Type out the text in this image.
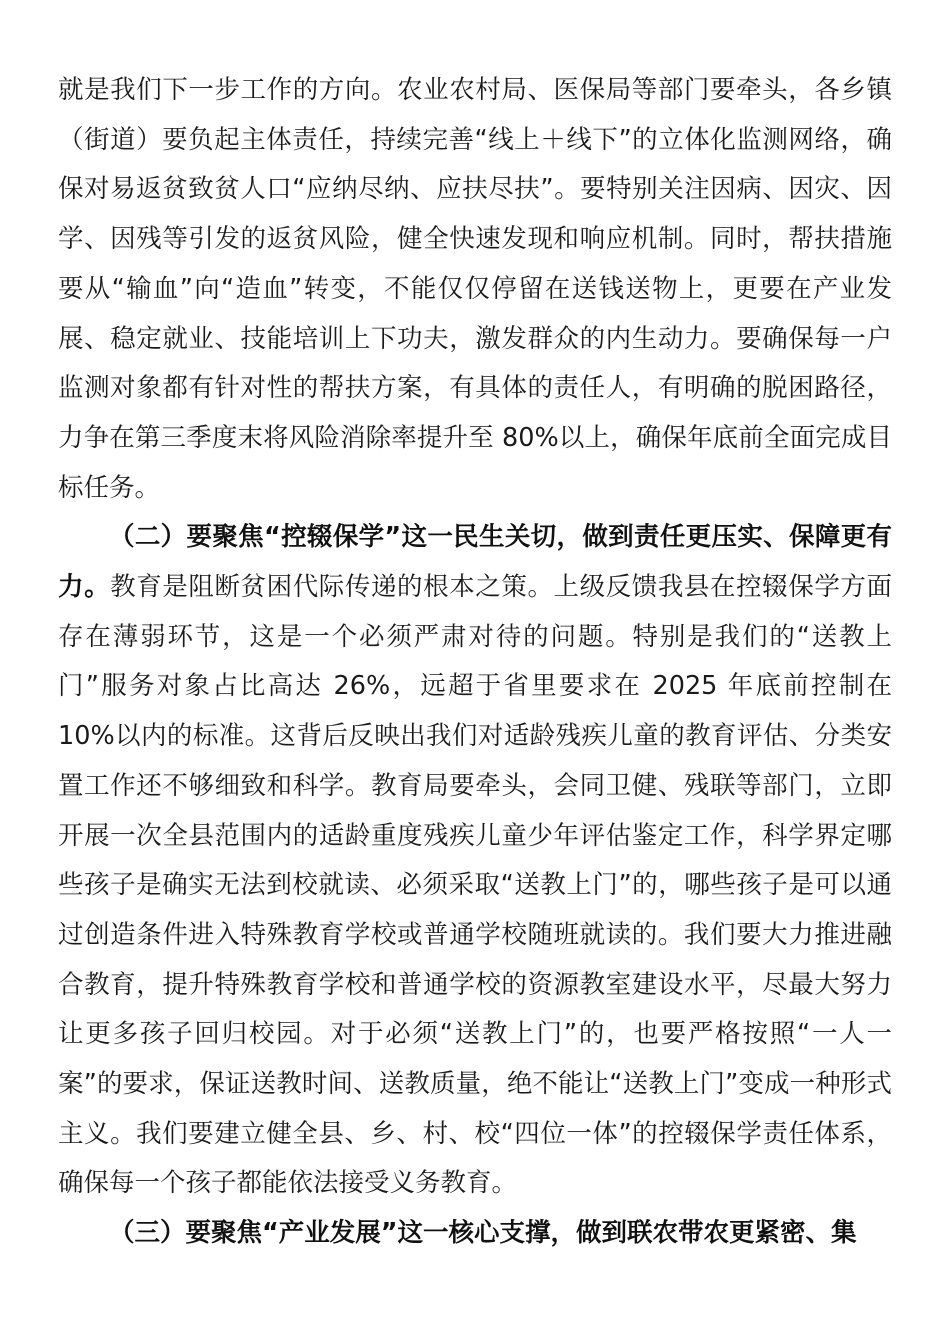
就是我们下一步工作的方向。农业农村局、医保局等部门要牵头，各乡镇（街道）要负起主体责任，持续完善“线上＋线下”的立体化监测网络，确保对易返贫致贫人口“应纳尽纳、应扶尽扶”。要特别关注因病、因灾、因学、因残等引发的返贫风险，健全快速发现和响应机制。同时，帮扶措施要从“输血”向“造血”转变，不能仅仅停留在送钱送物上，更要在产业发展、稳定就业、技能培训上下功夫，激发群众的内生动力。要确保每一户监测对象都有针对性的帮扶方案，有具体的责任人，有明确的脱困路径，力争在第三季度末将风险消除率提升至 80%以上，确保年底前全面完成目标任务。

（二）要聚焦“控辍保学”这一民生关切，做到责任更压实、保障更有力。教育是阻断贫困代际传递的根本之策。上级反馈我县在控辍保学方面存在薄弱环节，这是一个必须严肃对待的问题。特别是我们的“送教上门”服务对象占比高达 26%，远超于省里要求在 2025 年底前控制在 10%以内的标准。这背后反映出我们对适龄残疾儿童的教育评估、分类安置工作还不够细致和科学。教育局要牵头，会同卫健、残联等部门，立即开展一次全县范围内的适龄重度残疾儿童少年评估鉴定工作，科学界定哪些孩子是确实无法到校就读、必须采取“送教上门”的，哪些孩子是可以通过创造条件进入特殊教育学校或普通学校随班就读的。我们要大力推进融合教育，提升特殊教育学校和普通学校的资源教室建设水平，尽最大努力让更多孩子回归校园。对于必须“送教上门”的，也要严格按照“一人一案”的要求，保证送教时间、送教质量，绝不能让“送教上门”变成一种形式主义。我们要建立健全县、乡、村、校“四位一体”的控辍保学责任体系，确保每一个孩子都能依法接受义务教育。

（三）要聚焦“产业发展”这一核心支撑，做到联农带农更紧密、集
